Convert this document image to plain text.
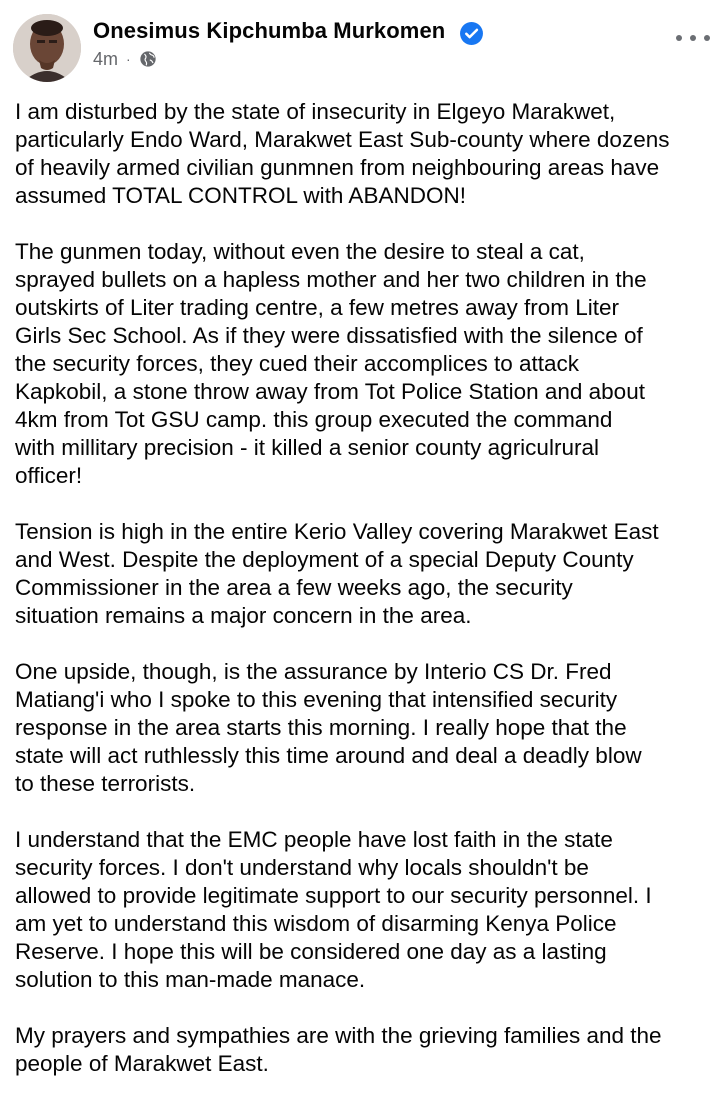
Onesimus Kipchumba Murkomen
4m ·

I am disturbed by the state of insecurity in Elgeyo Marakwet,
particularly Endo Ward, Marakwet East Sub-county where dozens
of heavily armed civilian gunmnen from neighbouring areas have
assumed TOTAL CONTROL with ABANDON!

The gunmen today, without even the desire to steal a cat,
sprayed bullets on a hapless mother and her two children in the
outskirts of Liter trading centre, a few metres away from Liter
Girls Sec School. As if they were dissatisfied with the silence of
the security forces, they cued their accomplices to attack
Kapkobil, a stone throw away from Tot Police Station and about
4km from Tot GSU camp. this group executed the command
with millitary precision - it killed a senior county agriculrural
officer!

Tension is high in the entire Kerio Valley covering Marakwet East
and West. Despite the deployment of a special Deputy County
Commissioner in the area a few weeks ago, the security
situation remains a major concern in the area.

One upside, though, is the assurance by Interio CS Dr. Fred
Matiang'i who I spoke to this evening that intensified security
response in the area starts this morning. I really hope that the
state will act ruthlessly this time around and deal a deadly blow
to these terrorists.

I understand that the EMC people have lost faith in the state
security forces. I don't understand why locals shouldn't be
allowed to provide legitimate support to our security personnel. I
am yet to understand this wisdom of disarming Kenya Police
Reserve. I hope this will be considered one day as a lasting
solution to this man-made manace.

My prayers and sympathies are with the grieving families and the
people of Marakwet East.
